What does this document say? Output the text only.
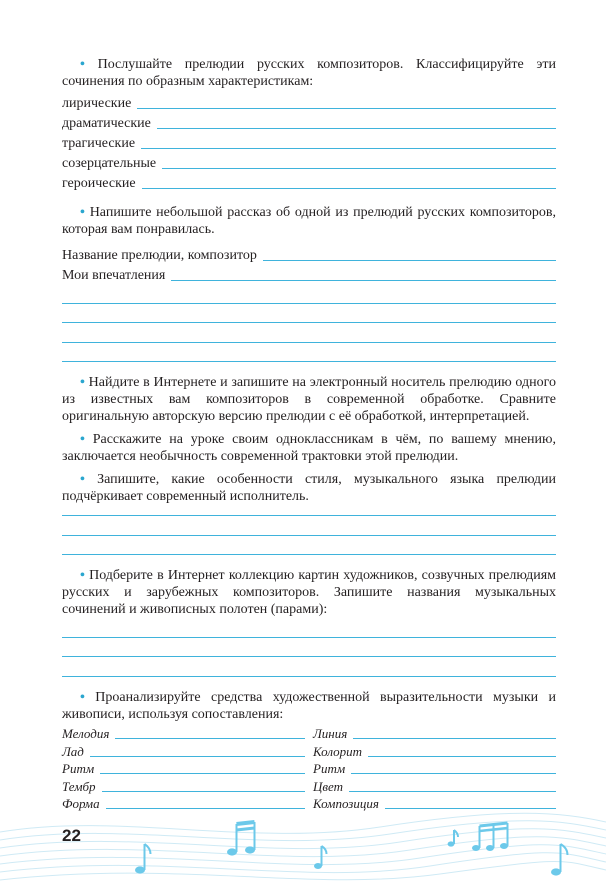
• Послушайте прелюдии русских композиторов. Классифицируйте эти сочинения по образным характеристикам:

лирические
драматические
трагические
созерцательные
героические

• Напишите небольшой рассказ об одной из прелюдий русских композиторов, которая вам понравилась.

Название прелюдии, композитор
Мои впечатления

• Найдите в Интернете и запишите на электронный носитель прелюдию одного из известных вам композиторов в современной обработке. Сравните оригинальную авторскую версию прелюдии с её обработкой, интерпретацией.

• Расскажите на уроке своим одноклассникам в чём, по вашему мнению, заключается необычность современной трактовки этой прелюдии.

• Запишите, какие особенности стиля, музыкального языка прелюдии подчёркивает современный исполнитель.

• Подберите в Интернет коллекцию картин художников, созвучных прелюдиям русских и зарубежных композиторов. Запишите названия музыкальных сочинений и живописных полотен (парами):

• Проанализируйте средства художественной выразительности музыки и живописи, используя сопоставления:

Мелодия
Лад
Ритм
Тембр
Форма
Линия
Колорит
Ритм
Цвет
Композиция
22
